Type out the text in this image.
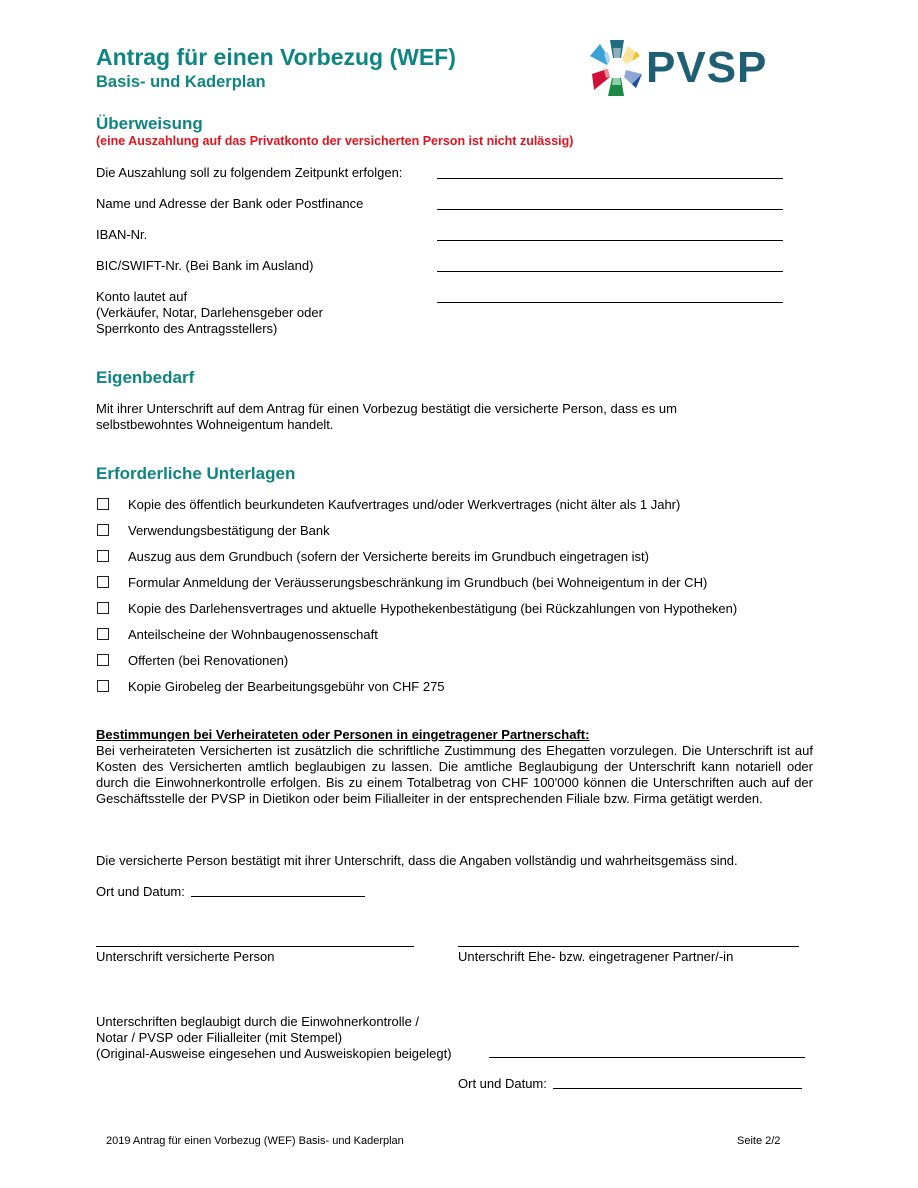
Antrag für einen Vorbezug (WEF)
Basis- und Kaderplan	PVSP
Überweisung
(eine Auszahlung auf das Privatkonto der versicherten Person ist nicht zulässig)
Die Auszahlung soll zu folgendem Zeitpunkt erfolgen:
Name und Adresse der Bank oder Postfinance
IBAN-Nr.
BIC/SWIFT-Nr. (Bei Bank im Ausland)
Konto lautet auf
(Verkäufer, Notar, Darlehensgeber oder
Sperrkonto des Antragsstellers)
Eigenbedarf
Mit ihrer Unterschrift auf dem Antrag für einen Vorbezug bestätigt die versicherte Person, dass es um
selbstbewohntes Wohneigentum handelt.
Erforderliche Unterlagen
Kopie des öffentlich beurkundeten Kaufvertrages und/oder Werkvertrages (nicht älter als 1 Jahr)
Verwendungsbestätigung der Bank
Auszug aus dem Grundbuch (sofern der Versicherte bereits im Grundbuch eingetragen ist)
Formular Anmeldung der Veräusserungsbeschränkung im Grundbuch (bei Wohneigentum in der CH)
Kopie des Darlehensvertrages und aktuelle Hypothekenbestätigung (bei Rückzahlungen von Hypotheken)
Anteilscheine der Wohnbaugenossenschaft
Offerten (bei Renovationen)
Kopie Girobeleg der Bearbeitungsgebühr von CHF 275
Bestimmungen bei Verheirateten oder Personen in eingetragener Partnerschaft:
Bei verheirateten Versicherten ist zusätzlich die schriftliche Zustimmung des Ehegatten vorzulegen. Die Unterschrift ist auf Kosten des Versicherten amtlich beglaubigen zu lassen. Die amtliche Beglaubigung der Unterschrift kann notariell oder durch die Einwohnerkontrolle erfolgen. Bis zu einem Totalbetrag von CHF 100'000 können die Unterschriften auch auf der Geschäftsstelle der PVSP in Dietikon oder beim Filialleiter in der entsprechenden Filiale bzw. Firma getätigt werden.
Die versicherte Person bestätigt mit ihrer Unterschrift, dass die Angaben vollständig und wahrheitsgemäss sind.
Ort und Datum:
Unterschrift versicherte Person	Unterschrift Ehe- bzw. eingetragener Partner/-in
Unterschriften beglaubigt durch die Einwohnerkontrolle /
Notar / PVSP oder Filialleiter (mit Stempel)
(Original-Ausweise eingesehen und Ausweiskopien beigelegt)
Ort und Datum:
2019 Antrag für einen Vorbezug (WEF) Basis- und Kaderplan	Seite 2/2
